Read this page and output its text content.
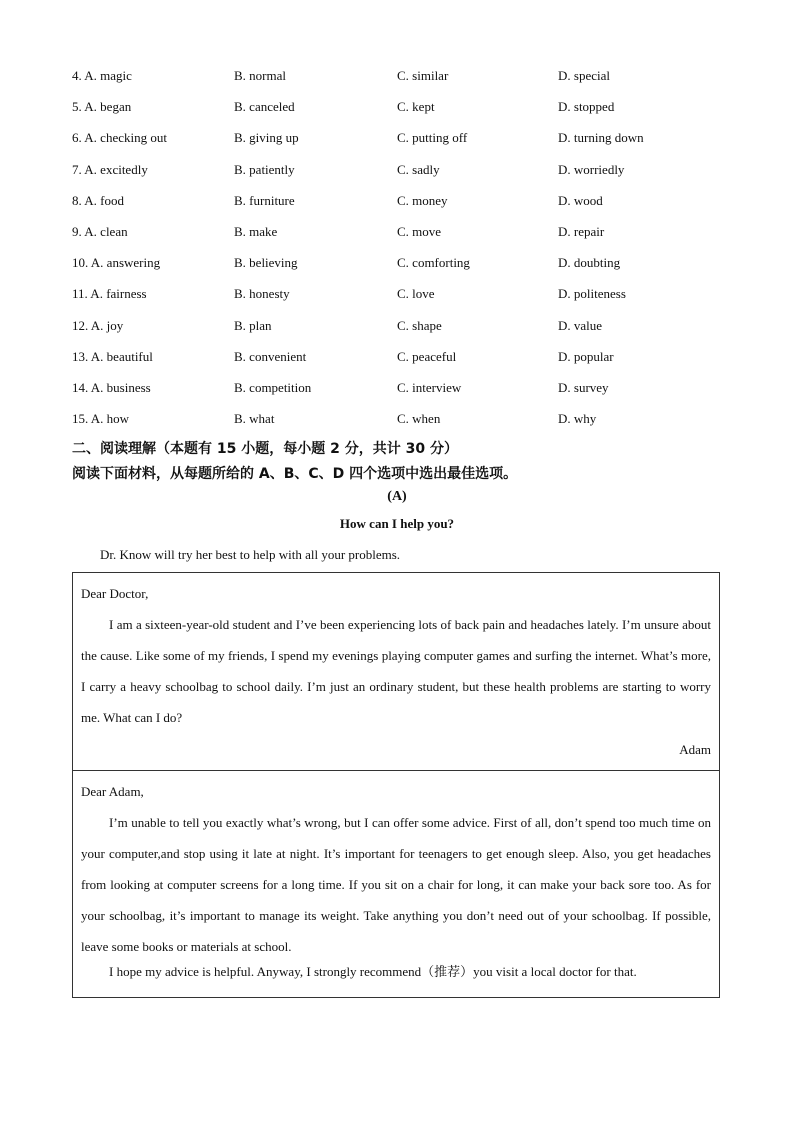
4. A. magic	B. normal	C. similar	D. special
5. A. began	B. canceled	C. kept	D. stopped
6. A. checking out	B. giving up	C. putting off	D. turning down
7. A. excitedly	B. patiently	C. sadly	D. worriedly
8. A. food	B. furniture	C. money	D. wood
9. A. clean	B. make	C. move	D. repair
10. A. answering	B. believing	C. comforting	D. doubting
11. A. fairness	B. honesty	C. love	D. politeness
12. A. joy	B. plan	C. shape	D. value
13. A. beautiful	B. convenient	C. peaceful	D. popular
14. A. business	B. competition	C. interview	D. survey
15. A. how	B. what	C. when	D. why
二、阅读理解（本题有 15 小题，每小题 2 分，共计 30 分）
阅读下面材料，从每题所给的 A、B、C、D 四个选项中选出最佳选项。
(A)
How can I help you?
Dr. Know will try her best to help with all your problems.
Dear Doctor,
I am a sixteen-year-old student and I’ve been experiencing lots of back pain and headaches lately. I’m unsure about the cause. Like some of my friends, I spend my evenings playing computer games and surfing the internet. What’s more, I carry a heavy schoolbag to school daily. I’m just an ordinary student, but these health problems are starting to worry me. What can I do?
Adam
Dear Adam,
I’m unable to tell you exactly what’s wrong, but I can offer some advice. First of all, don’t spend too much time on your computer,and stop using it late at night. It’s important for teenagers to get enough sleep. Also, you get headaches from looking at computer screens for a long time. If you sit on a chair for long, it can make your back sore too. As for your schoolbag, it’s important to manage its weight. Take anything you don’t need out of your schoolbag. If possible, leave some books or materials at school.
I hope my advice is helpful. Anyway, I strongly recommend（推荐）you visit a local doctor for that.
